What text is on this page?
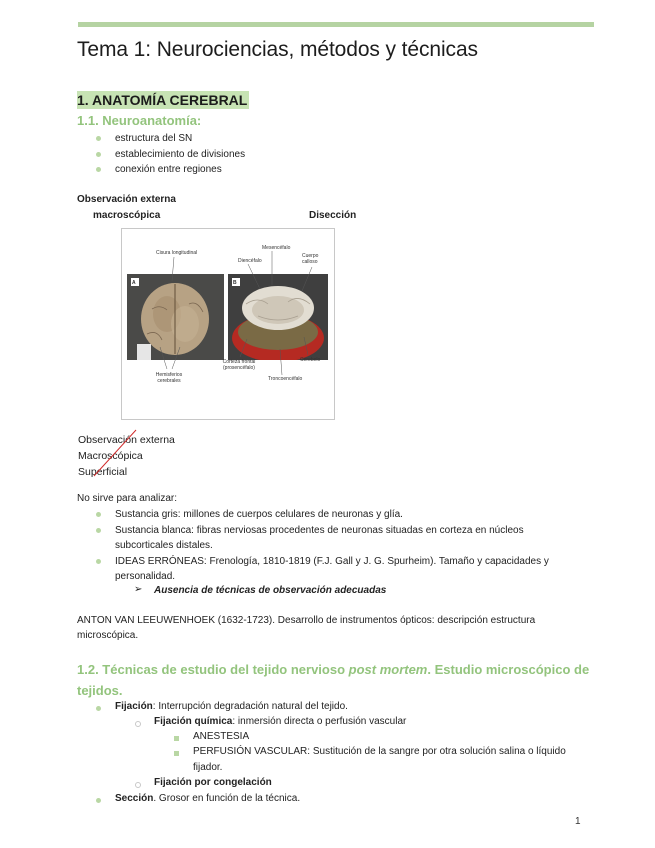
Tema 1: Neurociencias, métodos y técnicas
1. ANATOMÍA CEREBRAL
1.1. Neuroanatomía:
estructura del SN
establecimiento de divisiones
conexión entre regiones
Observación externa
macroscópica	Disección
A	B
Cisura longitudinal
Mesencéfalo
Diencéfalo
Cuerpo calloso
Hemisferios cerebrales
Corteza frontal (prosencéfalo)
Cerebelo
Troncoencéfalo
Observación externa
Macroscópica
Superficial
No sirve para analizar:
Sustancia gris: millones de cuerpos celulares de neuronas y glía.
Sustancia blanca: fibras nerviosas procedentes de neuronas situadas en corteza en núcleos
subcorticales distales.
IDEAS ERRÓNEAS: Frenología, 1810-1819 (F.J. Gall y J. G. Spurheim). Tamaño y capacidades y
personalidad.
➢ Ausencia de técnicas de observación adecuadas
ANTON VAN LEEUWENHOEK (1632-1723). Desarrollo de instrumentos ópticos: descripción estructura
microscópica.
1.2. Técnicas de estudio del tejido nervioso post mortem. Estudio microscópico de tejidos.
Fijación: Interrupción degradación natural del tejido.
Fijación química: inmersión directa o perfusión vascular
ANESTESIA
PERFUSIÓN VASCULAR: Sustitución de la sangre por otra solución salina o líquido
fijador.
Fijación por congelación
Sección. Grosor en función de la técnica.
1
